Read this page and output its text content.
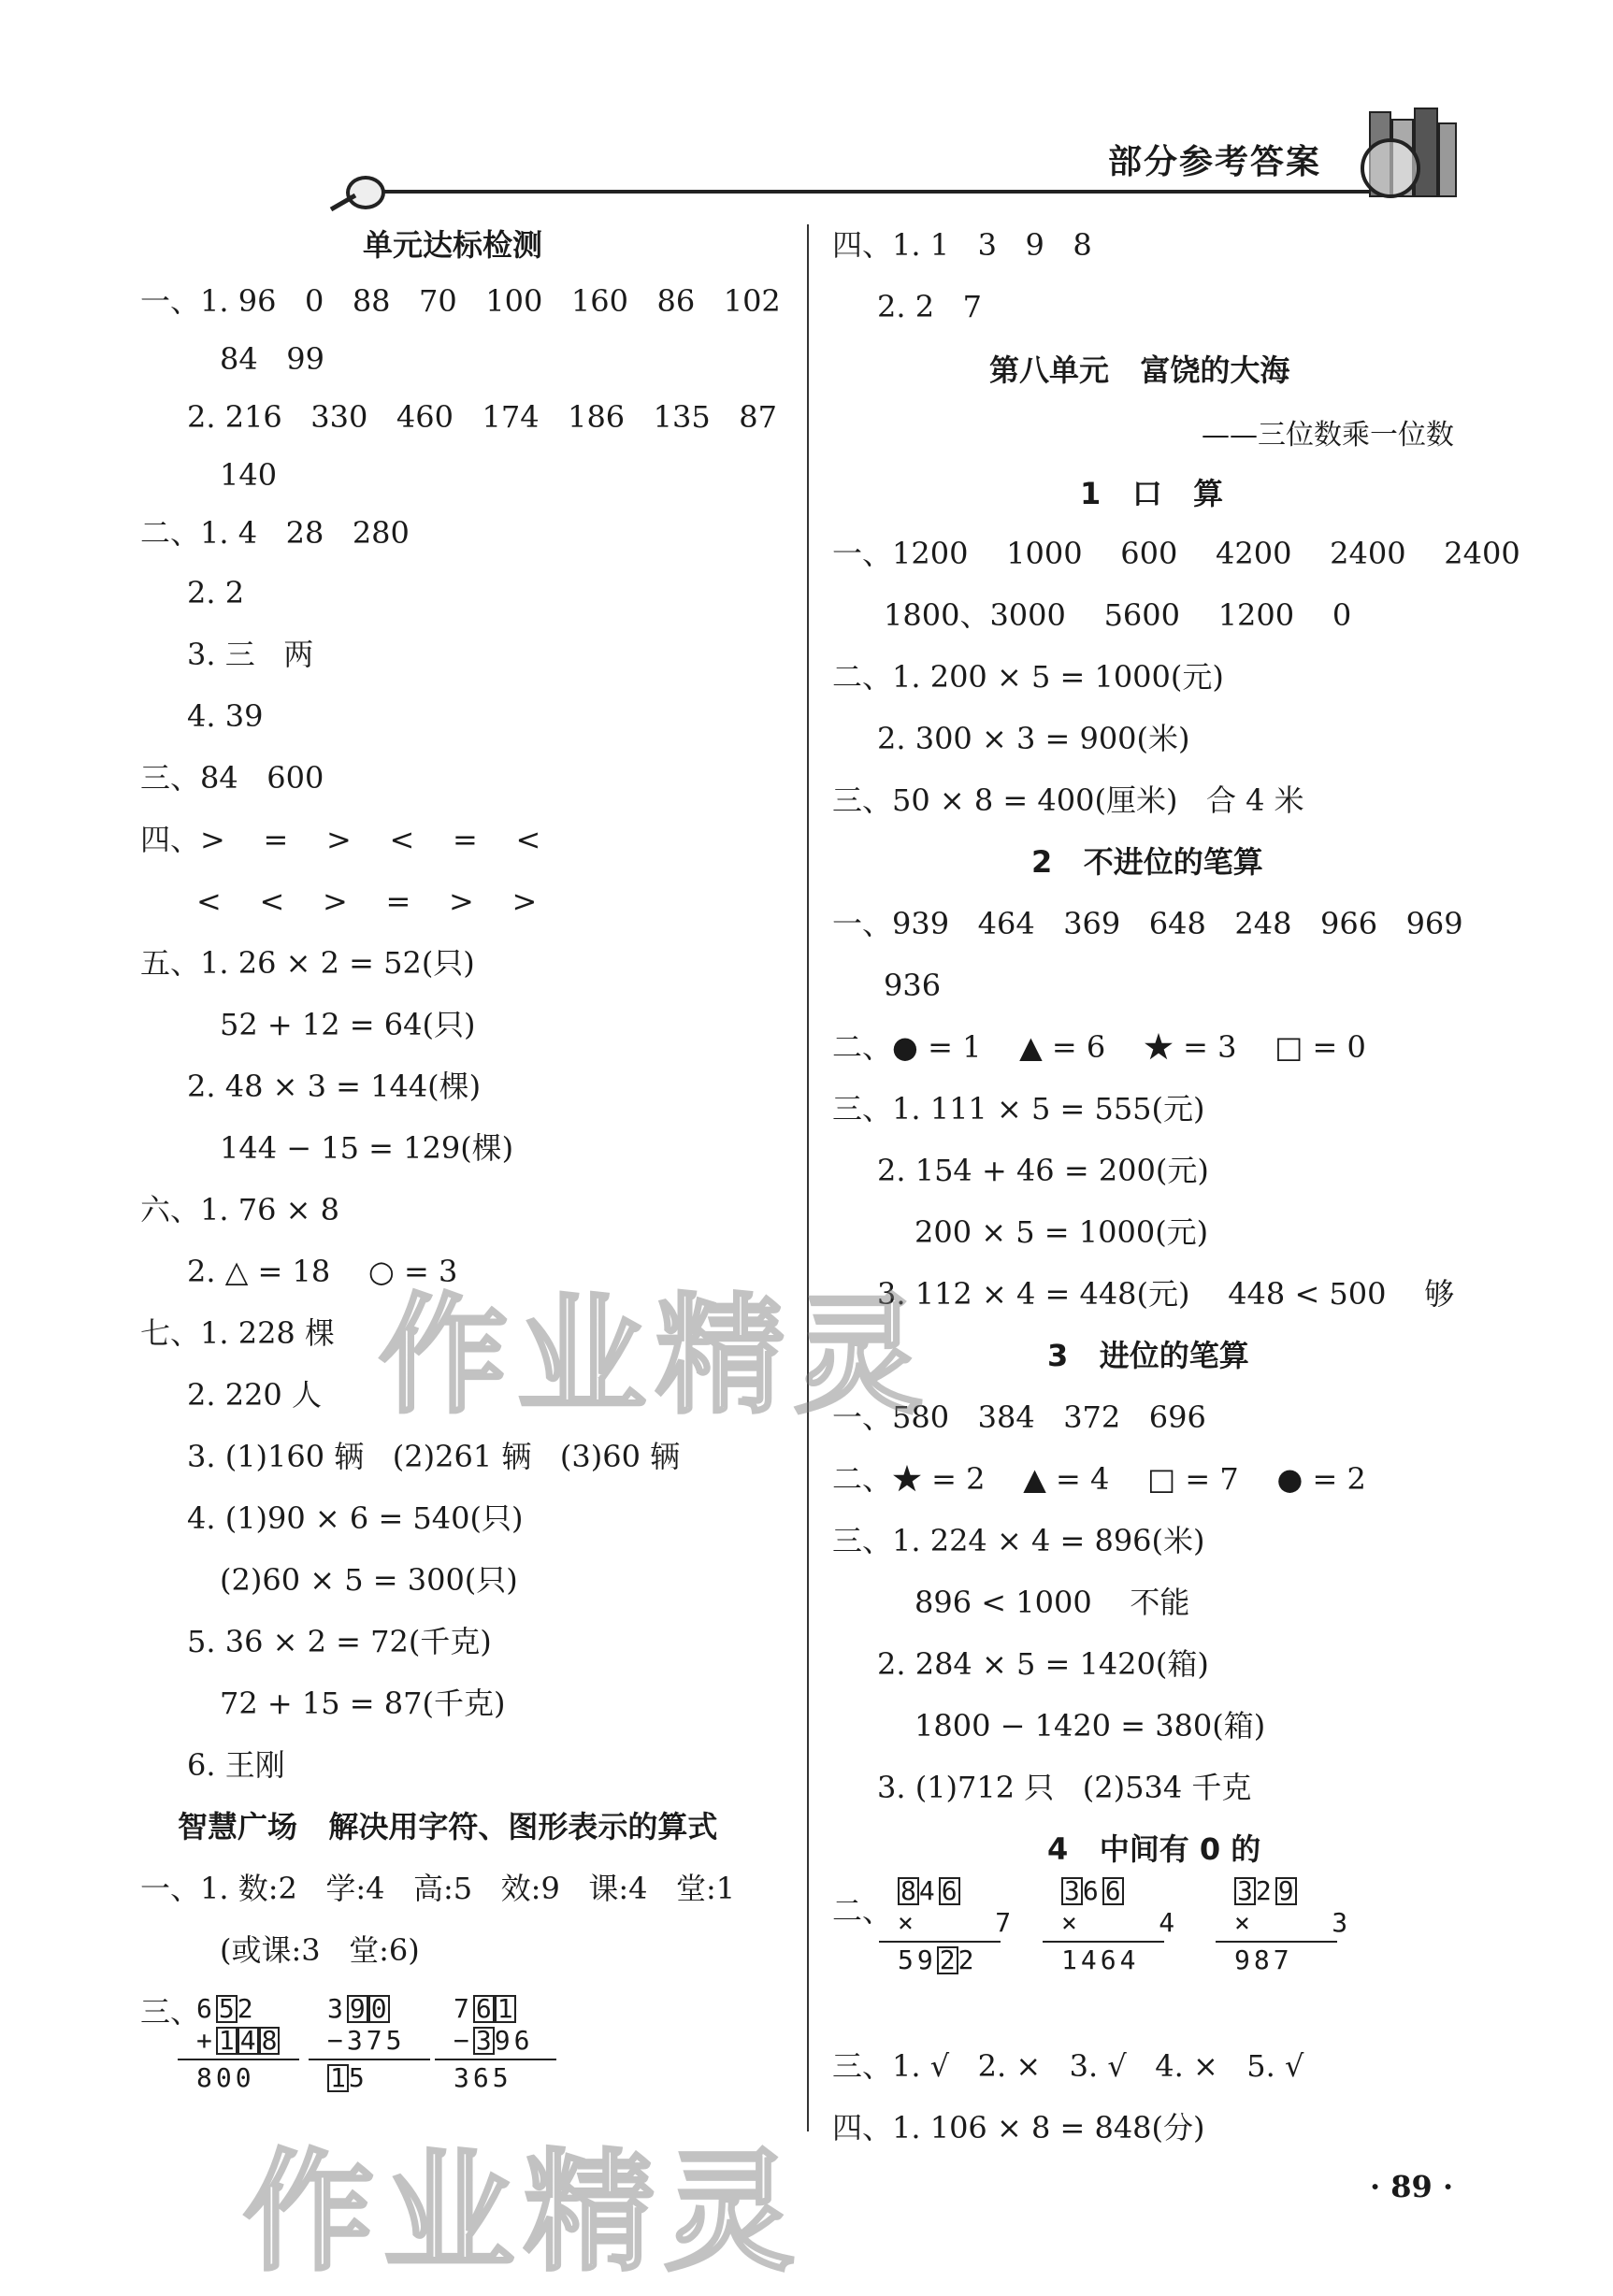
部分参考答案
单元达标检测
一、1. 96   0   88   70   100   160   86   102
84   99
2. 216   330   460   174   186   135   87
140
二、1. 4   28   280
2. 2
3. 三   两
4. 39
三、84   600
四、>    =    >    <    =    <
<    <    >    =    >    >
五、1. 26 × 2 = 52(只)
52 + 12 = 64(只)
2. 48 × 3 = 144(棵)
144 − 15 = 129(棵)
六、1. 76 × 8
2. △ = 18    ○ = 3
七、1. 228 棵
2. 220 人
3. (1)160 辆   (2)261 辆   (3)60 辆
4. (1)90 × 6 = 540(只)
(2)60 × 5 = 300(只)
5. 36 × 2 = 72(千克)
72 + 15 = 87(千克)
6. 王刚
智慧广场   解决用字符、图形表示的算式
一、1. 数:2   学:4   高:5   效:9   课:4   堂:1
(或课:3   堂:6)
三、
四、1. 1   3   9   8
2. 2   7
第八单元   富饶的大海
1   口   算
一、1200    1000    600    4200    2400    2400
1800、3000    5600    1200    0
二、1. 200 × 5 = 1000(元)
2. 300 × 3 = 900(米)
三、50 × 8 = 400(厘米)   合 4 米
2   不进位的笔算
一、939   464   369   648   248   966   969
936
二、● = 1    ▲ = 6    ★ = 3    □ = 0
三、1. 111 × 5 = 555(元)
2. 154 + 46 = 200(元)
200 × 5 = 1000(元)
3. 112 × 4 = 448(元)    448 < 500    够
3   进位的笔算
一、580   384   372   696
二、★ = 2    ▲ = 4    □ = 7    ● = 2
三、1. 224 × 4 = 896(米)
896 < 1000    不能
2. 284 × 5 = 1420(箱)
1800 − 1420 = 380(箱)
3. (1)712 只   (2)534 千克
4   中间有 0 的
二、
三、1. √   2. ×   3. √   4. ×   5. √
四、1. 106 × 8 = 848(分)
——三位数乘一位数
6 5 2
+ 1 4 8
800
3 9 0
−375
1 5
7 6 1
− 3 96
365
8 4 6
×	7
59 2 2
3 6 6
×	4
1464
3 2 9
×	3
987
作业精灵
作业精灵	· 89 ·
